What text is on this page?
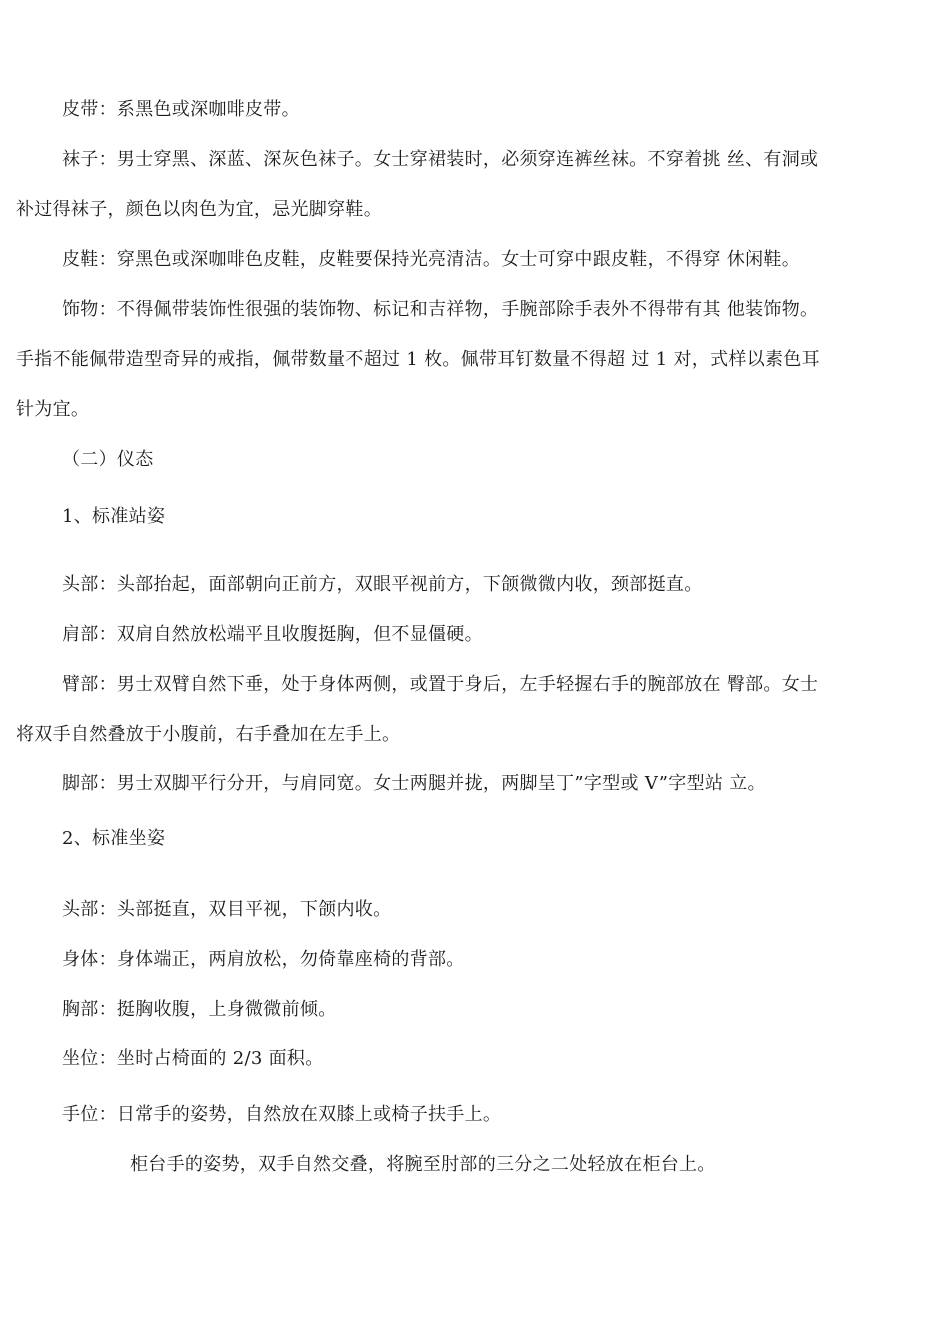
皮带：系黑色或深咖啡皮带。
袜子：男士穿黑、深蓝、深灰色袜子。女士穿裙装时，必须穿连裤丝袜。不穿着挑 丝、有洞或
补过得袜子，颜色以肉色为宜，忌光脚穿鞋。
皮鞋：穿黑色或深咖啡色皮鞋，皮鞋要保持光亮清洁。女士可穿中跟皮鞋，不得穿 休闲鞋。
饰物：不得佩带装饰性很强的装饰物、标记和吉祥物，手腕部除手表外不得带有其 他装饰物。
手指不能佩带造型奇异的戒指，佩带数量不超过 1 枚。佩带耳钉数量不得超 过 1 对，式样以素色耳
针为宜。
（二）仪态
1、标准站姿
头部：头部抬起，面部朝向正前方，双眼平视前方，下颌微微内收，颈部挺直。
肩部：双肩自然放松端平且收腹挺胸，但不显僵硬。
臂部：男士双臂自然下垂，处于身体两侧，或置于身后，左手轻握右手的腕部放在 臀部。女士
将双手自然叠放于小腹前，右手叠加在左手上。
脚部：男士双脚平行分开，与肩同宽。女士两腿并拢，两脚呈丁”字型或 V”字型站 立。
2、标准坐姿
头部：头部挺直，双目平视，下颌内收。
身体：身体端正，两肩放松，勿倚靠座椅的背部。
胸部：挺胸收腹，上身微微前倾。
坐位：坐时占椅面的 2/3 面积。
手位：日常手的姿势，自然放在双膝上或椅子扶手上。
柜台手的姿势，双手自然交叠，将腕至肘部的三分之二处轻放在柜台上。
